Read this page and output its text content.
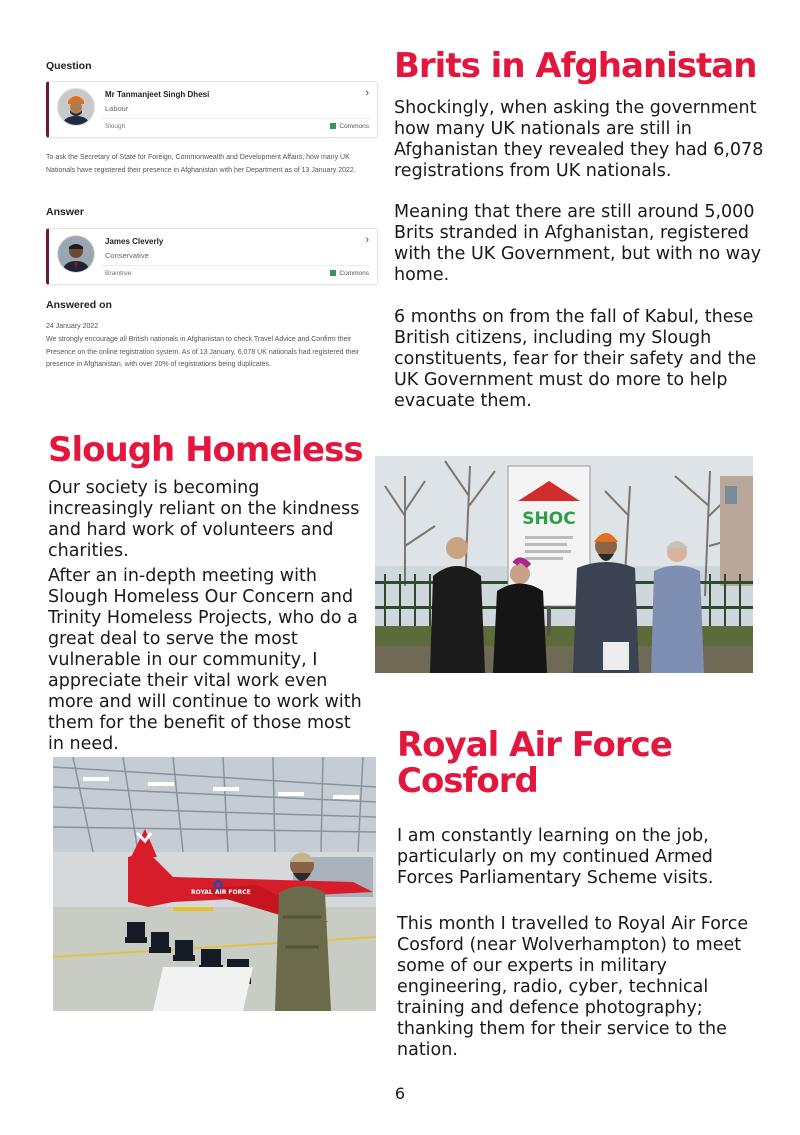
Question
Mr Tanmanjeet Singh Dhesi
Labour
›
Slough	Commons

To ask the Secretary of State for Foreign, Commonwealth and Development Affairs, how many UK Nationals have registered their presence in Afghanistan with her Department as of 13 January 2022.

Answer
James Cleverly
Conservative
›
Braintree	Commons
Answered on

24 January 2022

We strongly encourage all British nationals in Afghanistan to check Travel Advice and Confirm their Presence on the online registration system. As of 13 January, 6,078 UK nationals had registered their presence in Afghanistan, with over 20% of registrations being duplicates.

Brits in Afghanistan

Shockingly, when asking the government how many UK nationals are still in Afghanistan they revealed they had 6,078 registrations from UK nationals.

Meaning that there are still around 5,000 Brits stranded in Afghanistan, registered with the UK Government, but with no way home.

6 months on from the fall of Kabul, these British citizens, including my Slough constituents, fear for their safety and the UK Government must do more to help evacuate them.

Slough Homeless

Our society is becoming increasingly reliant on the kindness and hard work of volunteers and charities.

After an in-depth meeting with Slough Homeless Our Concern and Trinity Homeless Projects, who do a great deal to serve the most vulnerable in our community, I appreciate their vital work even more and will continue to work with them for the benefit of those most in need.

SHOC
ROYAL AIR FORCE
Royal Air Force
Cosford

I am constantly learning on the job, particularly on my continued Armed Forces Parliamentary Scheme visits.

This month I travelled to Royal Air Force Cosford (near Wolverhampton) to meet some of our experts in military engineering, radio, cyber, technical training and defence photography; thanking them for their service to the nation.

6
